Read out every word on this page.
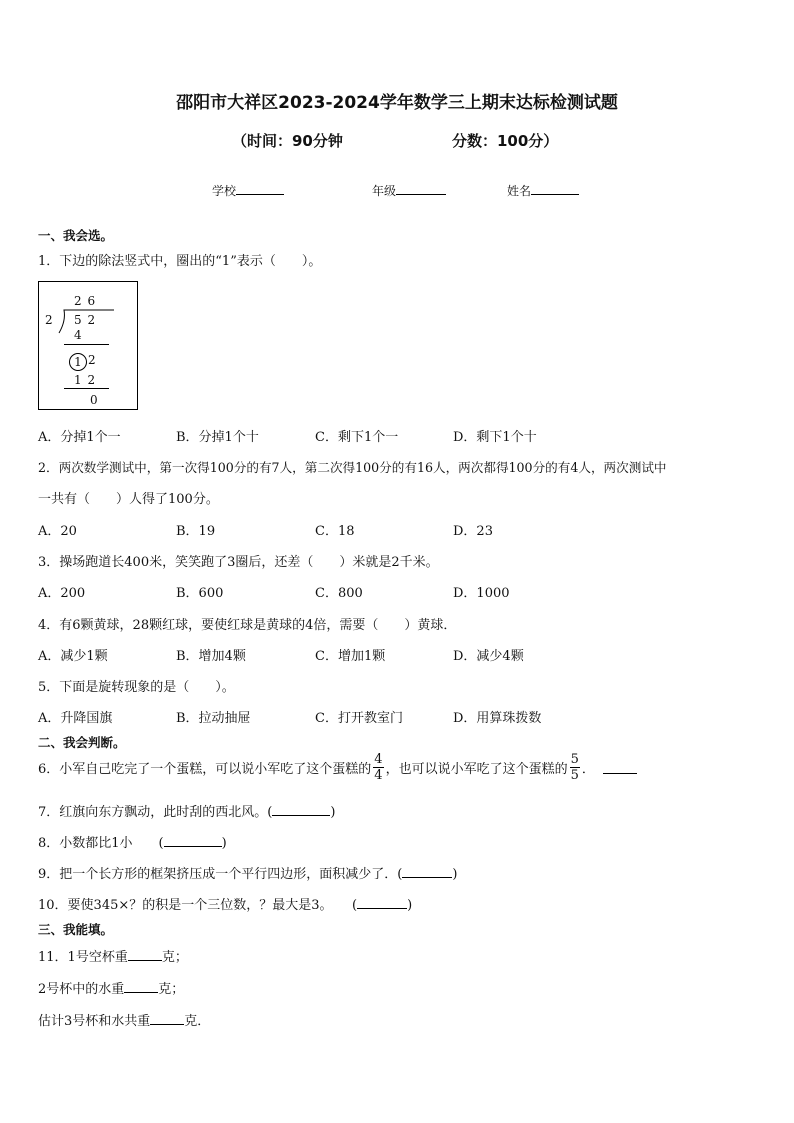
邵阳市大祥区2023-2024学年数学三上期末达标检测试题
（时间：90分钟	分数：100分）
学校	年级	姓名
一、我会选。
1．下边的除法竖式中，圈出的“1”表示（　　）。
2 6
2 5 2
4
1 2
1 2
0
A．分掉1个一	B．分掉1个十	C．剩下1个一	D．剩下1个十
2．两次数学测试中，第一次得100分的有7人，第二次得100分的有16人，两次都得100分的有4人，两次测试中
一共有（　　）人得了100分。
A．20	B．19	C．18	D．23
3．操场跑道长400米，笑笑跑了3圈后，还差（　　）米就是2千米。
A．200	B．600	C．800	D．1000
4．有6颗黄球，28颗红球，要使红球是黄球的4倍，需要（　　）黄球．
A．减少1颗	B．增加4颗	C．增加1颗	D．减少4颗
5．下面是旋转现象的是（　　）。
A．升降国旗	B．拉动抽屉	C．打开教室门	D．用算珠拨数
二、我会判断。
6．小军自己吃完了一个蛋糕，可以说小军吃了这个蛋糕的 $\frac{4}{4}$ ，也可以说小军吃了这个蛋糕的 $\frac{5}{5}$ ．
7．红旗向东方飘动，此时刮的西北风。(	)
8．小数都比1小　　(	)
9．把一个长方形的框架挤压成一个平行四边形，面积减少了．(	)
10．要使345×？的积是一个三位数，？最大是3。　　(	)
三、我能填。
11．1号空杯重	克；
2号杯中的水重	克；
估计3号杯和水共重	克．
